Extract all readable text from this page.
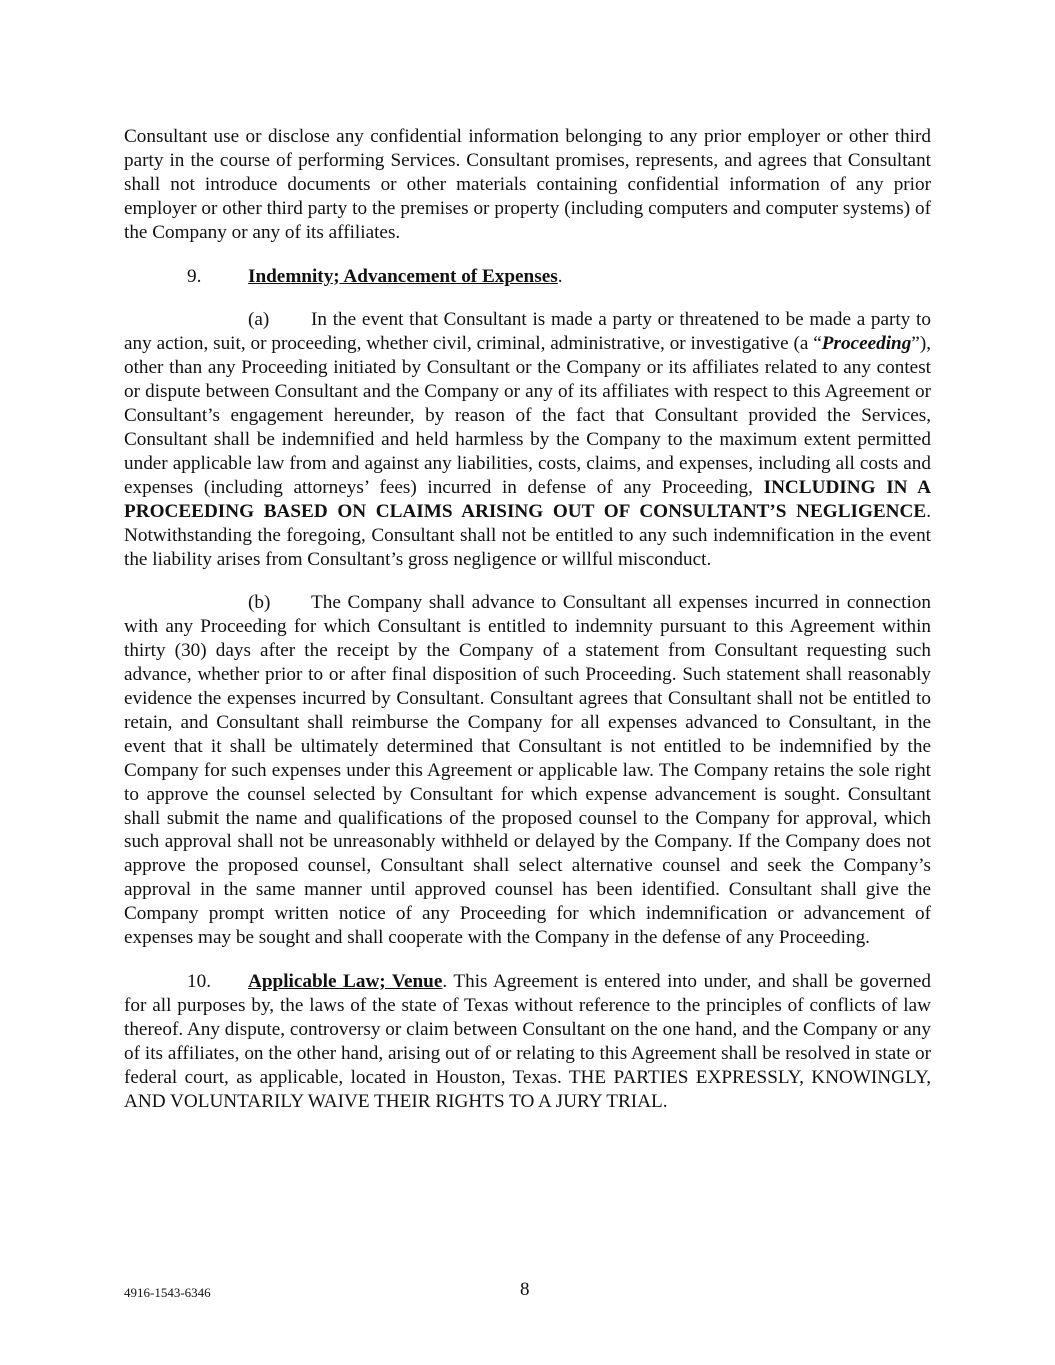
Consultant use or disclose any confidential information belonging to any prior employer or other third party in the course of performing Services. Consultant promises, represents, and agrees that Consultant shall not introduce documents or other materials containing confidential information of any prior employer or other third party to the premises or property (including computers and computer systems) of the Company or any of its affiliates.

9. Indemnity; Advancement of Expenses.

(a) In the event that Consultant is made a party or threatened to be made a party to any action, suit, or proceeding, whether civil, criminal, administrative, or investigative (a “Proceeding”), other than any Proceeding initiated by Consultant or the Company or its affiliates related to any contest or dispute between Consultant and the Company or any of its affiliates with respect to this Agreement or Consultant’s engagement hereunder, by reason of the fact that Consultant provided the Services, Consultant shall be indemnified and held harmless by the Company to the maximum extent permitted under applicable law from and against any liabilities, costs, claims, and expenses, including all costs and expenses (including attorneys’ fees) incurred in defense of any Proceeding, INCLUDING IN A PROCEEDING BASED ON CLAIMS ARISING OUT OF CONSULTANT’S NEGLIGENCE. Notwithstanding the foregoing, Consultant shall not be entitled to any such indemnification in the event the liability arises from Consultant’s gross negligence or willful misconduct.

(b) The Company shall advance to Consultant all expenses incurred in connection with any Proceeding for which Consultant is entitled to indemnity pursuant to this Agreement within thirty (30) days after the receipt by the Company of a statement from Consultant requesting such advance, whether prior to or after final disposition of such Proceeding. Such statement shall reasonably evidence the expenses incurred by Consultant. Consultant agrees that Consultant shall not be entitled to retain, and Consultant shall reimburse the Company for all expenses advanced to Consultant, in the event that it shall be ultimately determined that Consultant is not entitled to be indemnified by the Company for such expenses under this Agreement or applicable law. The Company retains the sole right to approve the counsel selected by Consultant for which expense advancement is sought. Consultant shall submit the name and qualifications of the proposed counsel to the Company for approval, which such approval shall not be unreasonably withheld or delayed by the Company. If the Company does not approve the proposed counsel, Consultant shall select alternative counsel and seek the Company’s approval in the same manner until approved counsel has been identified. Consultant shall give the Company prompt written notice of any Proceeding for which indemnification or advancement of expenses may be sought and shall cooperate with the Company in the defense of any Proceeding.

10. Applicable Law; Venue. This Agreement is entered into under, and shall be governed for all purposes by, the laws of the state of Texas without reference to the principles of conflicts of law thereof. Any dispute, controversy or claim between Consultant on the one hand, and the Company or any of its affiliates, on the other hand, arising out of or relating to this Agreement shall be resolved in state or federal court, as applicable, located in Houston, Texas. THE PARTIES EXPRESSLY, KNOWINGLY, AND VOLUNTARILY WAIVE THEIR RIGHTS TO A JURY TRIAL.

4916-1543-6346	8
